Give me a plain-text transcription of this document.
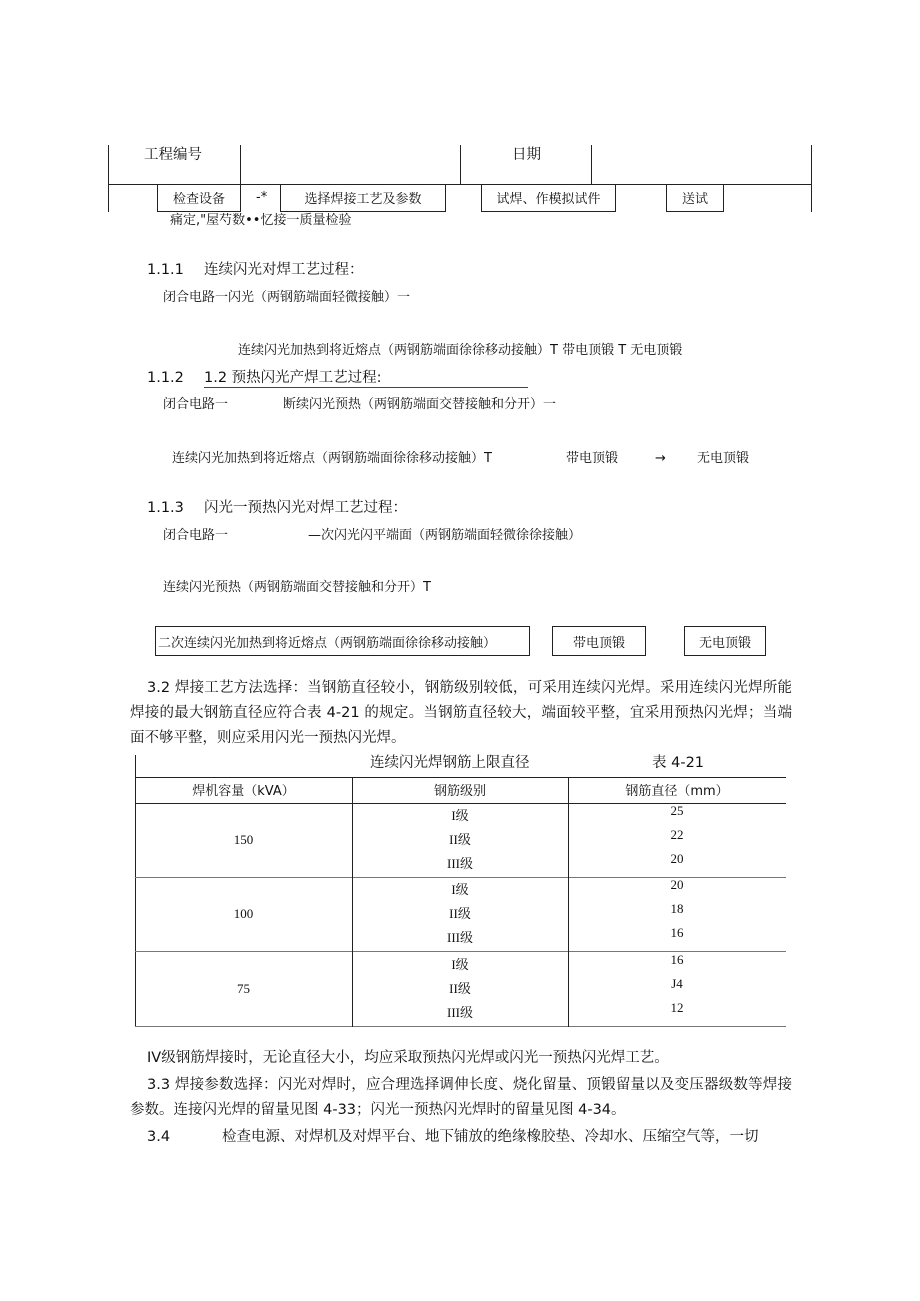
工程编号	日期
检查设备	-*	选择焊接工艺及参数	试焊、作模拟试件	送试
痛定,"屋芍数••忆接一质量检验
1.1.1 连续闪光对焊工艺过程：
闭合电路一闪光（两钢筋端面轻微接触）一
连续闪光加热到将近熔点（两钢筋端面徐徐移动接触）T 带电顶锻 T 无电顶锻
1.1.2 1.2 预热闪光产焊工艺过程:
闭合电路一	断续闪光预热（两钢筋端面交替接触和分开）一
连续闪光加热到将近熔点（两钢筋端面徐徐移动接触）T	带电顶锻	→ 无电顶锻
1.1.3 闪光一预热闪光对焊工艺过程：
闭合电路一	—次闪光闪平端面（两钢筋端面轻微徐徐接触）
连续闪光预热（两钢筋端面交替接触和分开）T
二次连续闪光加热到将近熔点（两钢筋端面徐徐移动接触）	带电顶锻	无电顶锻
3.2 焊接工艺方法选择：当钢筋直径较小，钢筋级别较低，可采用连续闪光焊。采用连续闪光焊所能焊接的最大钢筋直径应符合表 4-21 的规定。当钢筋直径较大，端面较平整，宜采用预热闪光焊；当端面不够平整，则应采用闪光一预热闪光焊。
连续闪光焊钢筋上限直径	表 4-21
焊机容量（kVA）	钢筋级别	钢筋直径（mm）
150
I级	25
II级	22
III级	20
100
I级	20
II级	18
III级	16
75
I级	16
II级	J4
III级	12
IV级钢筋焊接时，无论直径大小，均应采取预热闪光焊或闪光一预热闪光焊工艺。
3.3 焊接参数选择：闪光对焊时，应合理选择调伸长度、烧化留量、顶锻留量以及变压器级数等焊接参数。连接闪光焊的留量见图 4-33；闪光一预热闪光焊时的留量见图 4-34。
3.4	检查电源、对焊机及对焊平台、地下铺放的绝缘橡胶垫、冷却水、压缩空气等，一切
